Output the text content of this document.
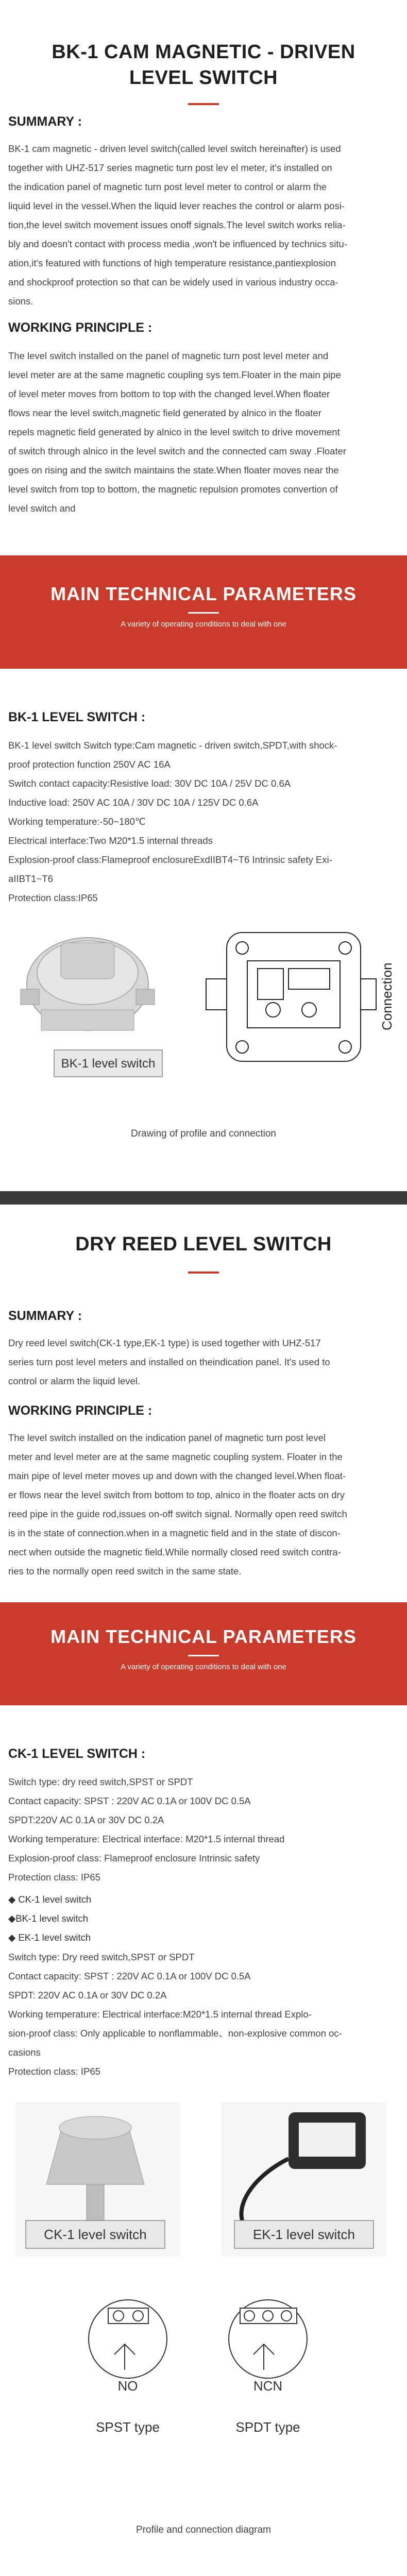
BK-1 CAM MAGNETIC - DRIVEN LEVEL SWITCH
SUMMARY :

BK-1 cam magnetic - driven level switch(called level switch hereinafter) is used

together with UHZ-517 series magnetic turn post lev el meter, it's installed on

the indication panel of magnetic turn post level meter to control or alarm the

liquid level in the vessel.When the liquid lever reaches the control or alarm posi-

tion,the level switch movement issues onoff signals.The level switch works relia-

bly and doesn't contact with process media ,won't be influenced by technics situ-

ation,it's featured with functions of high temperature resistance,pantiexplosion

and shockproof protection so that can be widely used in various industry occa-

sions.

WORKING PRINCIPLE :

The level switch installed on the panel of magnetic turn post level meter and

level meter are at the same magnetic coupling sys tem.Floater in the main pipe

of level meter moves from bottom to top with the changed level.When floater

flows near the level switch,magnetic field generated by alnico in the floater

repels magnetic field generated by alnico in the level switch to drive movement

of switch through alnico in the level switch and the connected cam sway .Floater

goes on rising and the switch maintains the state.When floater moves near the

level switch from top to bottom, the magnetic repulsion promotes convertion of

level switch and

MAIN TECHNICAL PARAMETERS
A variety of operating conditions to deal with one
BK-1 LEVEL SWITCH :

BK-1 level switch Switch type:Cam magnetic - driven switch,SPDT,with shock-

proof protection function 250V AC 16A

Switch contact capacity:Resistive load: 30V DC 10A / 25V DC 0.6A

Inductive load: 250V AC 10A / 30V DC 10A / 125V DC 0.6A

Working temperature:-50~180℃

Electrical interface:Two M20*1.5 internal threads

Explosion-proof class:Flameproof enclosureExdIIBT4~T6 Intrinsic safety Exi-

aIIBT1~T6

Protection class:IP65

BK-1 level switch
Connection
Drawing of profile and connection
DRY REED LEVEL SWITCH
SUMMARY :

Dry reed level switch(CK-1 type,EK-1 type) is used together with UHZ-517

series turn post level meters and installed on theindication panel. It's used to

control or alarm the liquid level.

WORKING PRINCIPLE :

The level switch installed on the indication panel of magnetic turn post level

meter and level meter are at the same magnetic coupling system. Floater in the

main pipe of level meter moves up and down with the changed level.When float-

er flows near the level switch from bottom to top, alnico in the floater acts on dry

reed pipe in the guide rod,issues on-off switch signal. Normally open reed switch

is in the state of connection.when in a magnetic field and in the state of discon-

nect when outside the magnetic field.While normally closed reed switch contra-

ries to the normally open reed switch in the same state.

MAIN TECHNICAL PARAMETERS
A variety of operating conditions to deal with one
CK-1 LEVEL SWITCH :

Switch type: dry reed switch,SPST or SPDT

Contact capacity: SPST : 220V AC 0.1A or 100V DC 0.5A

SPDT:220V AC 0.1A or 30V DC 0.2A

Working temperature: Electrical interface: M20*1.5 internal thread

Explosion-proof class: Flameproof enclosure Intrinsic safety

Protection class: IP65

◆ CK-1 level switch

◆BK-1 level switch

◆ EK-1 level switch

Switch type: Dry reed switch,SPST or SPDT

Contact capacity: SPST : 220V AC 0.1A or 100V DC 0.5A

SPDT: 220V AC 0.1A or 30V DC 0.2A

Working temperature: Electrical interface:M20*1.5 internal thread Explo-

sion-proof class: Only applicable to nonflammable、non-explosive common oc-

casions

Protection class: IP65

CK-1 level switch	EK-1 level switch
NO	NCN
SPST type	SPDT type
Profile and connection diagram
